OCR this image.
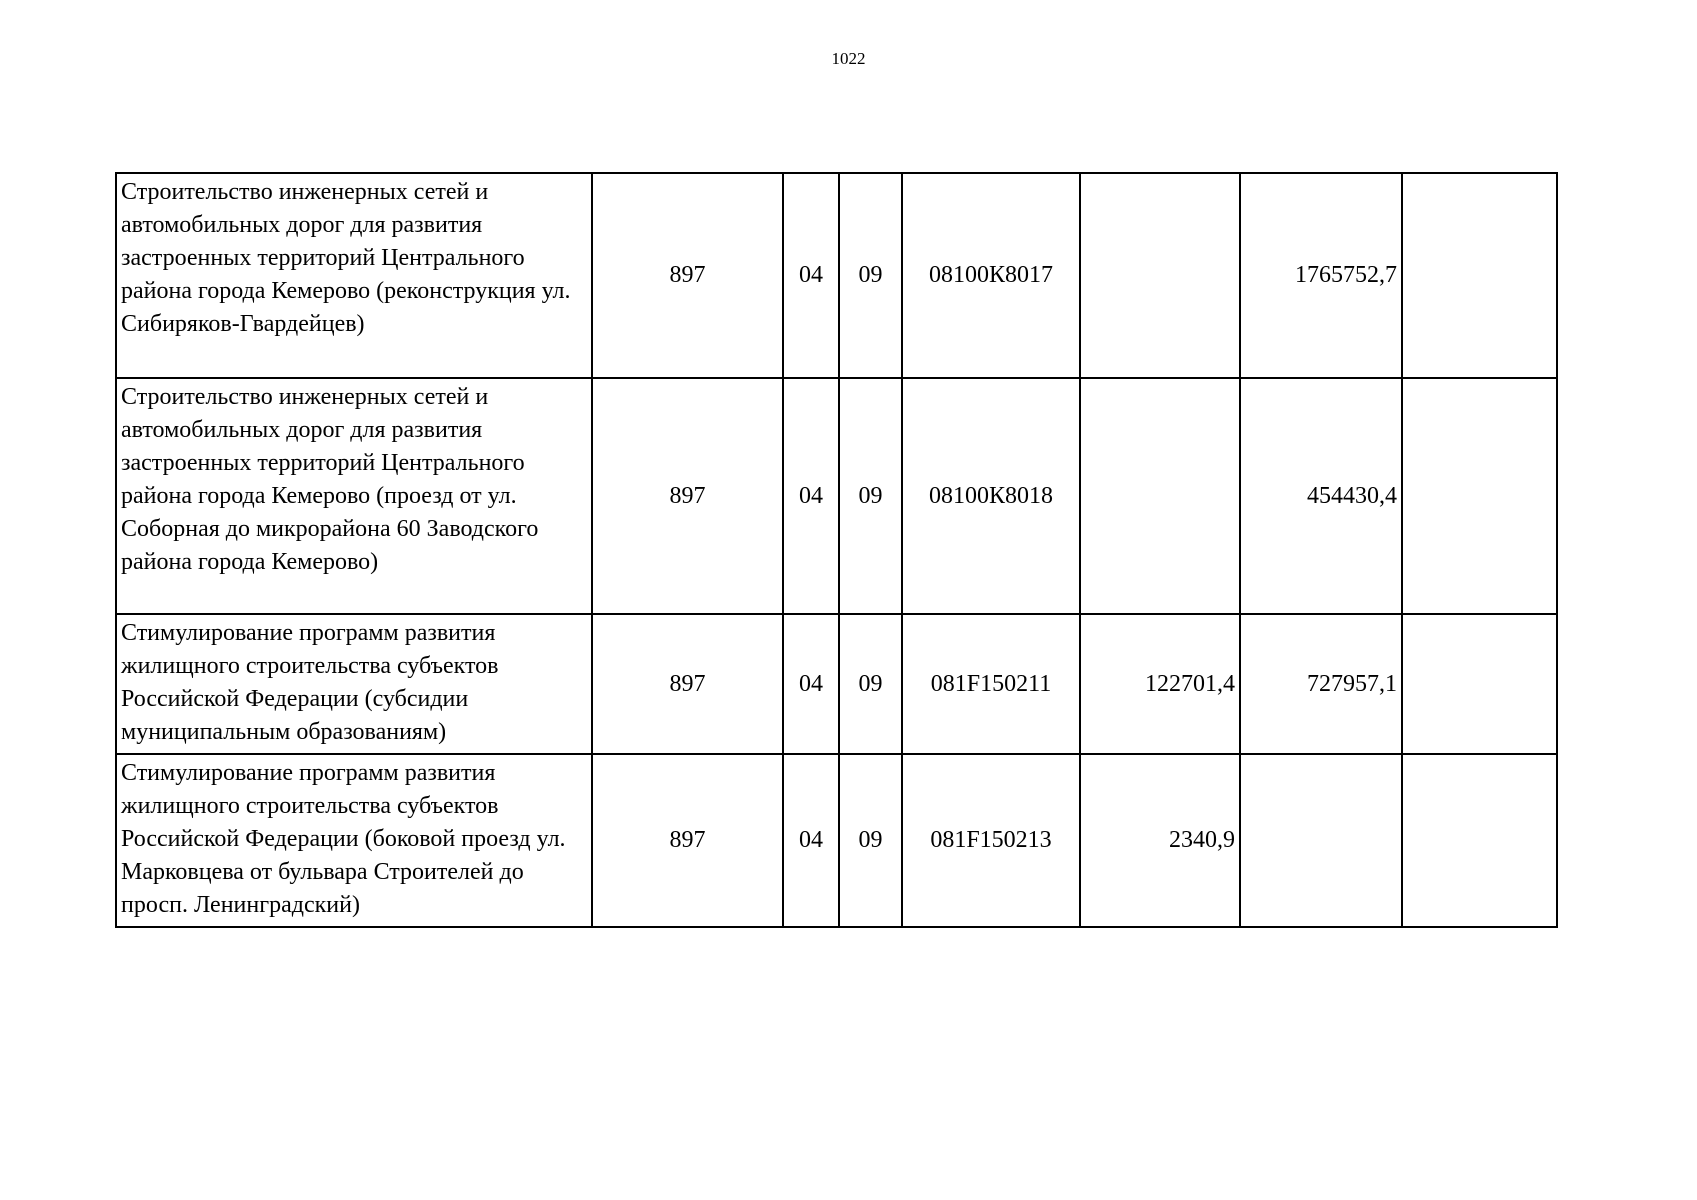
1022
Строительство инженерных сетей и автомобильных дорог для развития застроенных территорий Центрального района города Кемерово (реконструкция ул. Сибиряков-Гвардейцев)	897	04	09	08100К8017		1765752,7	
Строительство инженерных сетей и автомобильных дорог для развития застроенных территорий Центрального района города Кемерово (проезд от ул. Соборная до микрорайона 60 Заводского района города Кемерово)	897	04	09	08100К8018		454430,4	
Стимулирование программ развития жилищного строительства субъектов Российской Федерации (субсидии муниципальным образованиям)	897	04	09	081F150211	122701,4	727957,1	
Стимулирование программ развития жилищного строительства субъектов Российской Федерации (боковой проезд ул. Марковцева от бульвара Строителей до просп. Ленинградский)	897	04	09	081F150213	2340,9		
